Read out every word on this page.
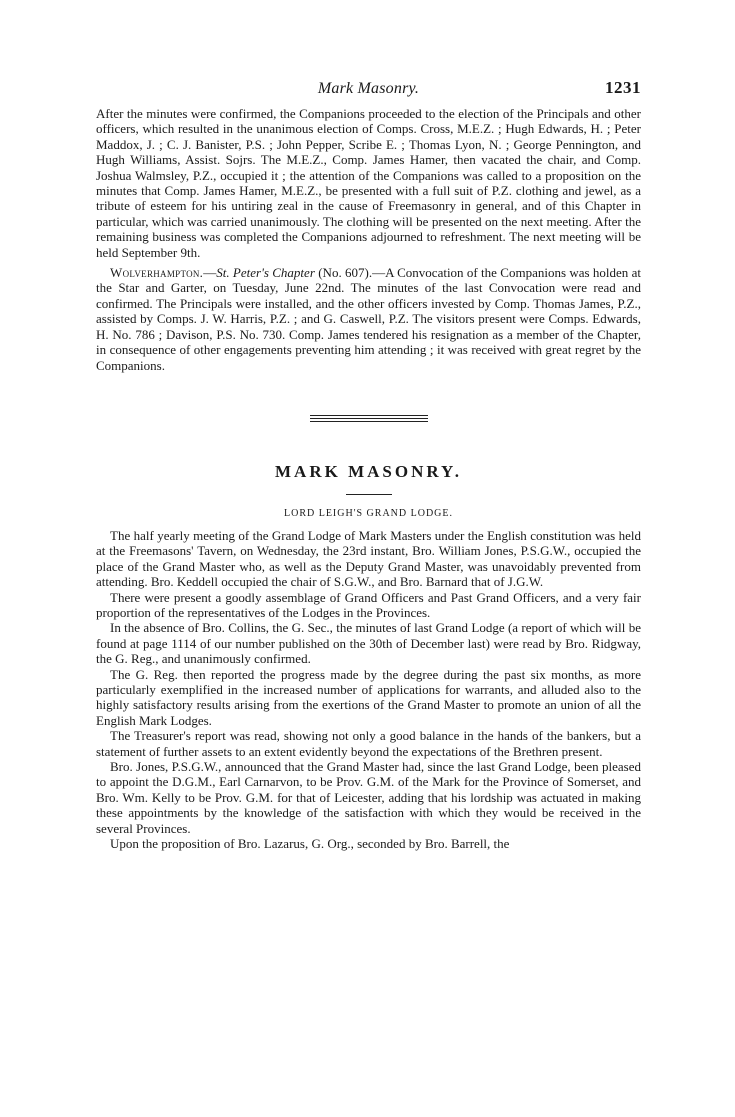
Mark Masonry.	1231

After the minutes were confirmed, the Companions proceeded to the election of the Principals and other officers, which resulted in the unanimous election of Comps. Cross, M.E.Z. ; Hugh Edwards, H. ; Peter Maddox, J. ; C. J. Banister, P.S. ; John Pepper, Scribe E. ; Thomas Lyon, N. ; George Pennington, and Hugh Williams, Assist. Sojrs. The M.E.Z., Comp. James Hamer, then vacated the chair, and Comp. Joshua Walmsley, P.Z., occupied it ; the attention of the Companions was called to a proposition on the minutes that Comp. James Hamer, M.E.Z., be presented with a full suit of P.Z. clothing and jewel, as a tribute of esteem for his untiring zeal in the cause of Freemasonry in general, and of this Chapter in particular, which was carried unanimously. The clothing will be presented on the next meeting. After the remaining business was completed the Companions adjourned to refreshment. The next meeting will be held September 9th.

Wolverhampton.—St. Peter's Chapter (No. 607).—A Convocation of the Companions was holden at the Star and Garter, on Tuesday, June 22nd. The minutes of the last Convocation were read and confirmed. The Principals were installed, and the other officers invested by Comp. Thomas James, P.Z., assisted by Comps. J. W. Harris, P.Z. ; and G. Caswell, P.Z. The visitors present were Comps. Edwards, H. No. 786 ; Davison, P.S. No. 730. Comp. James tendered his resignation as a member of the Chapter, in consequence of other engagements preventing him attending ; it was received with great regret by the Companions.

MARK MASONRY.
LORD LEIGH'S GRAND LODGE.

The half yearly meeting of the Grand Lodge of Mark Masters under the English constitution was held at the Freemasons' Tavern, on Wednesday, the 23rd instant, Bro. William Jones, P.S.G.W., occupied the place of the Grand Master who, as well as the Deputy Grand Master, was unavoidably prevented from attending. Bro. Keddell occupied the chair of S.G.W., and Bro. Barnard that of J.G.W.

There were present a goodly assemblage of Grand Officers and Past Grand Officers, and a very fair proportion of the representatives of the Lodges in the Provinces.

In the absence of Bro. Collins, the G. Sec., the minutes of last Grand Lodge (a report of which will be found at page 1114 of our number published on the 30th of December last) were read by Bro. Ridgway, the G. Reg., and unanimously confirmed.

The G. Reg. then reported the progress made by the degree during the past six months, as more particularly exemplified in the increased number of applications for warrants, and alluded also to the highly satisfactory results arising from the exertions of the Grand Master to promote an union of all the English Mark Lodges.

The Treasurer's report was read, showing not only a good balance in the hands of the bankers, but a statement of further assets to an extent evidently beyond the expectations of the Brethren present.

Bro. Jones, P.S.G.W., announced that the Grand Master had, since the last Grand Lodge, been pleased to appoint the D.G.M., Earl Carnarvon, to be Prov. G.M. of the Mark for the Province of Somerset, and Bro. Wm. Kelly to be Prov. G.M. for that of Leicester, adding that his lordship was actuated in making these appointments by the knowledge of the satisfaction with which they would be received in the several Provinces.

Upon the proposition of Bro. Lazarus, G. Org., seconded by Bro. Barrell, the
